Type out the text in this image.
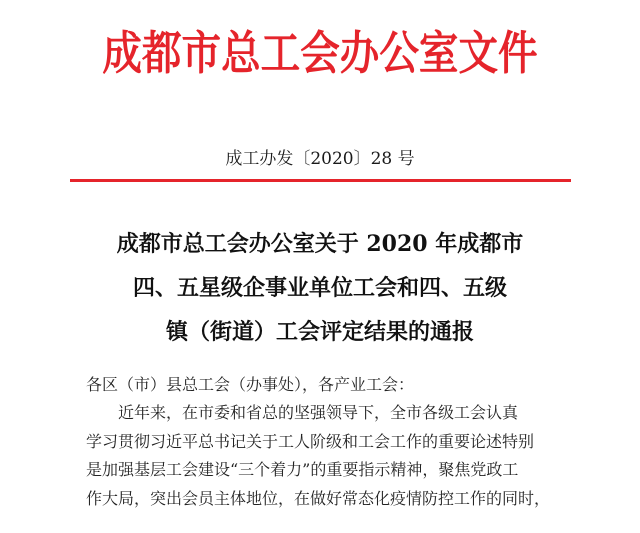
成都市总工会办公室文件
成工办发〔2020〕28 号
成都市总工会办公室关于 2020 年成都市
四、五星级企事业单位工会和四、五级
镇（街道）工会评定结果的通报
各区（市）县总工会（办事处），各产业工会：
近年来，在市委和省总的坚强领导下，全市各级工会认真
学习贯彻习近平总书记关于工人阶级和工会工作的重要论述特别
是加强基层工会建设“三个着力”的重要指示精神，聚焦党政工
作大局，突出会员主体地位，在做好常态化疫情防控工作的同时，
